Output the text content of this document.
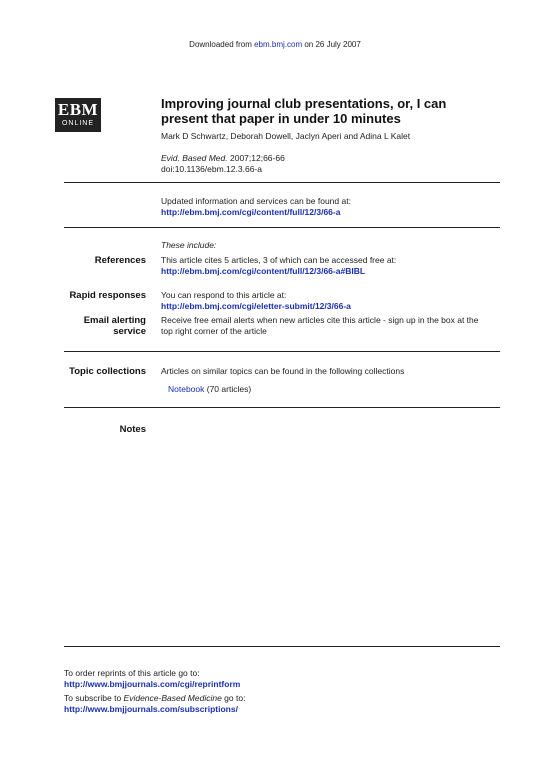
Downloaded from ebm.bmj.com on 26 July 2007
EBM
ONLINE
Improving journal club presentations, or, I can present that paper in under 10 minutes
Mark D Schwartz, Deborah Dowell, Jaclyn Aperi and Adina L Kalet
Evid. Based Med. 2007;12;66-66
doi:10.1136/ebm.12.3.66-a
Updated information and services can be found at:
http://ebm.bmj.com/cgi/content/full/12/3/66-a
These include:
References This article cites 5 articles, 3 of which can be accessed free at:
http://ebm.bmj.com/cgi/content/full/12/3/66-a#BIBL
Rapid responses You can respond to this article at:
http://ebm.bmj.com/cgi/eletter-submit/12/3/66-a
Email alerting
service
Receive free email alerts when new articles cite this article - sign up in the box at the
top right corner of the article
Topic collections Articles on similar topics can be found in the following collections
Notebook (70 articles)
Notes
To order reprints of this article go to:
http://www.bmjjournals.com/cgi/reprintform
To subscribe to Evidence-Based Medicine go to:
http://www.bmjjournals.com/subscriptions/
